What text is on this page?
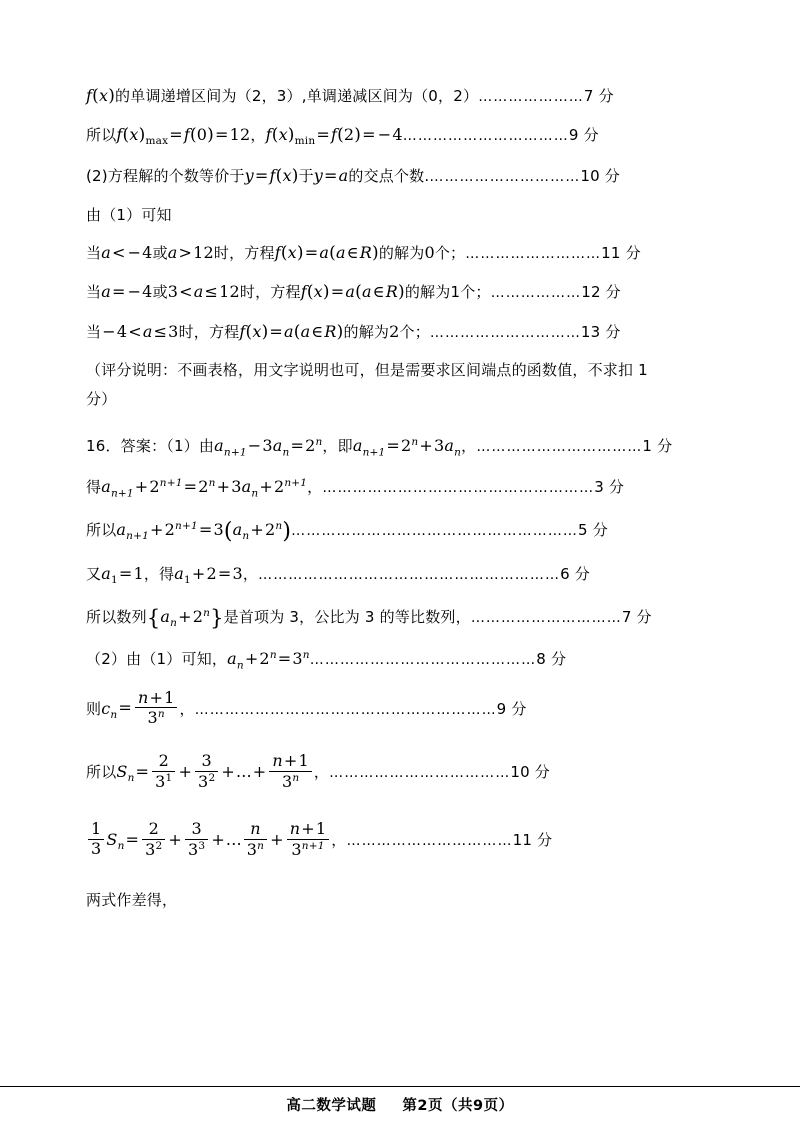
f(x)的单调递增区间为（2，3）,单调递减区间为（0，2）…………………7 分
所以$f(x)_{max}=f(0)=12$，$f(x)_{min}=f(2)=$ −4……………………………9 分
(2)方程解的个数等价于y=f(x)于y=a的交点个数.…………………………10 分
由（1）可知
当a< −4或a>12时，方程f(x)=a(a∈R)的解为0个；………………………11 分
当a= −4或3<a≤12时，方程f(x)=a(a∈R)的解为1个；………………12 分
当−4<a≤3时，方程f(x)=a(a∈R)的解为2个；…………………………13 分
（评分说明：不画表格，用文字说明也可，但是需要求区间端点的函数值，不求扣 1
分）
16．答案：（1）由$a_{n+1}-3a_n=2^n$，即$a_{n+1}=2^n+3a_n$，……………………………1 分
得$a_{n+1}+2^{n+1}=2^n+3a_n+2^{n+1}$，………………………………………………3 分
所以$a_{n+1}+2^{n+1}=3(a_n+2^n)\dots\dots\dots\dots\dots\dots\dots\dots\dots\dots\dots\dots\dots\dots\dots\dots\dots\dots\dots 5$ 分
又$a_1=1$，得$a_1+2=3$，……………………………………………………6 分
所以数列$\{a_n+2^n\}$是首项为 3，公比为 3 的等比数列，…………………………7 分
（2）由（1）可知，$a_n+2^n=3^n\dots\dots\dots\dots\dots\dots\dots\dots\dots\dots\dots\dots\dots\dots\dots 8$ 分
则$c_n= \frac{n+1}{3^n}$ ，……………………………………………………9 分
所以$S_n= \frac{2}{3^1} + \frac{3}{3^2}$ +...+ $\frac{n+1}{3^n}$ ，………………………………10 分
$\frac{1}{3} S_n= \frac{2}{3^2} + \frac{3}{3^3}$ +... $\frac{n}{3^n} + \frac{n+1}{3^{n+1}}$ ，……………………………11 分
两式作差得，
高二数学试题 第2页（共9页）
